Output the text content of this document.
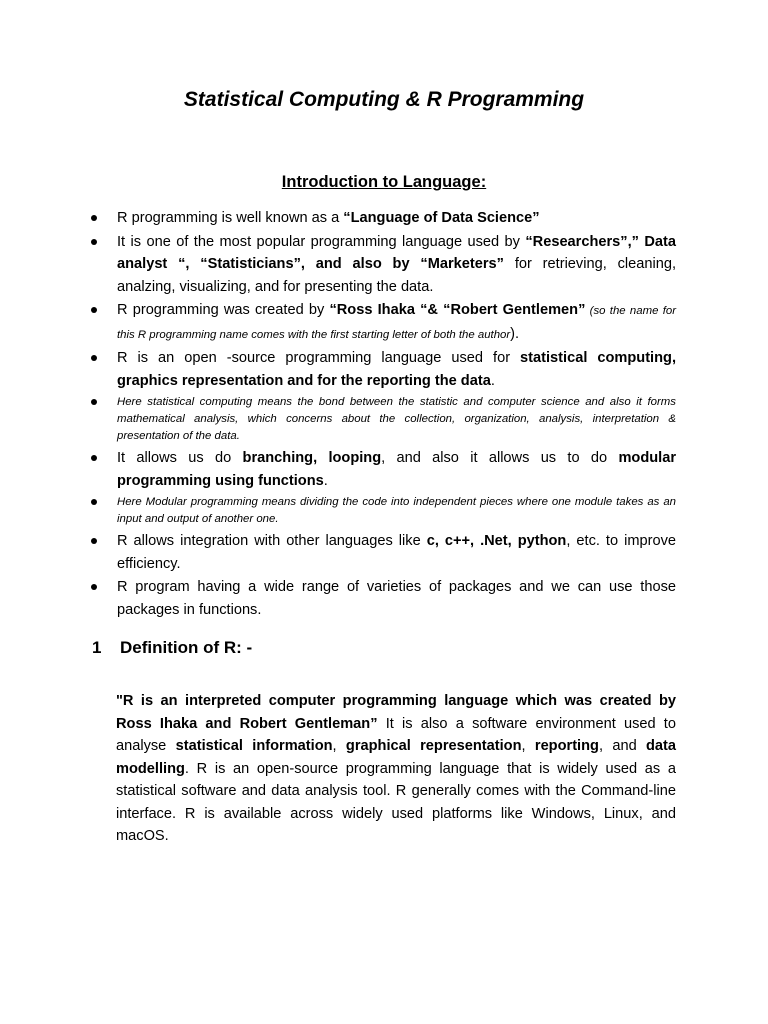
Statistical Computing & R Programming
Introduction to Language:
R programming is well known as a “Language of Data Science”
It is one of the most popular programming language used by “Researchers”,” Data analyst “, “Statisticians”, and also by “Marketers” for retrieving, cleaning, analzing, visualizing, and for presenting the data.
R programming was created by “Ross Ihaka “& “Robert Gentlemen” (so the name for this R programming name comes with the first starting letter of both the author).
R is an open -source programming language used for statistical computing, graphics representation and for the reporting the data.
Here statistical computing means the bond between the statistic and computer science and also it forms mathematical analysis, which concerns about the collection, organization, analysis, interpretation & presentation of the data.
It allows us do branching, looping, and also it allows us to do modular programming using functions.
Here Modular programming means dividing the code into independent pieces where one module takes as an input and output of another one.
R allows integration with other languages like c, c++, .Net, python, etc. to improve efficiency.
R program having a wide range of varieties of packages and we can use those packages in functions.
1 Definition of R: -

"R is an interpreted computer programming language which was created by Ross Ihaka and Robert Gentleman” It is also a software environment used to analyse statistical information, graphical representation, reporting, and data modelling. R is an open-source programming language that is widely used as a statistical software and data analysis tool. R generally comes with the Command-line interface. R is available across widely used platforms like Windows, Linux, and macOS.
